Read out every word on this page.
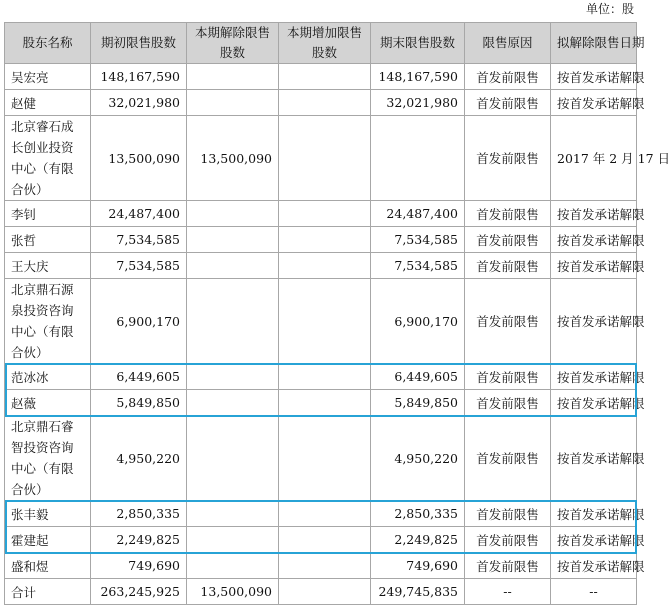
单位：股
股东名称	期初限售股数	本期解除限售股数	本期增加限售股数	期末限售股数	限售原因	拟解除限售日期
吴宏亮	148,167,590			148,167,590	首发前限售	按首发承诺解限
赵健	32,021,980			32,021,980	首发前限售	按首发承诺解限
北京睿石成长创业投资中心（有限合伙）	13,500,090	13,500,090			首发前限售	2017 年 2 月 17 日
李钊	24,487,400			24,487,400	首发前限售	按首发承诺解限
张哲	7,534,585			7,534,585	首发前限售	按首发承诺解限
王大庆	7,534,585			7,534,585	首发前限售	按首发承诺解限
北京鼎石源泉投资咨询中心（有限合伙）	6,900,170			6,900,170	首发前限售	按首发承诺解限
范冰冰	6,449,605			6,449,605	首发前限售	按首发承诺解限
赵薇	5,849,850			5,849,850	首发前限售	按首发承诺解限
北京鼎石睿智投资咨询中心（有限合伙）	4,950,220			4,950,220	首发前限售	按首发承诺解限
张丰毅	2,850,335			2,850,335	首发前限售	按首发承诺解限
霍建起	2,249,825			2,249,825	首发前限售	按首发承诺解限
盛和煜	749,690			749,690	首发前限售	按首发承诺解限
合计	263,245,925	13,500,090		249,745,835	--	--
